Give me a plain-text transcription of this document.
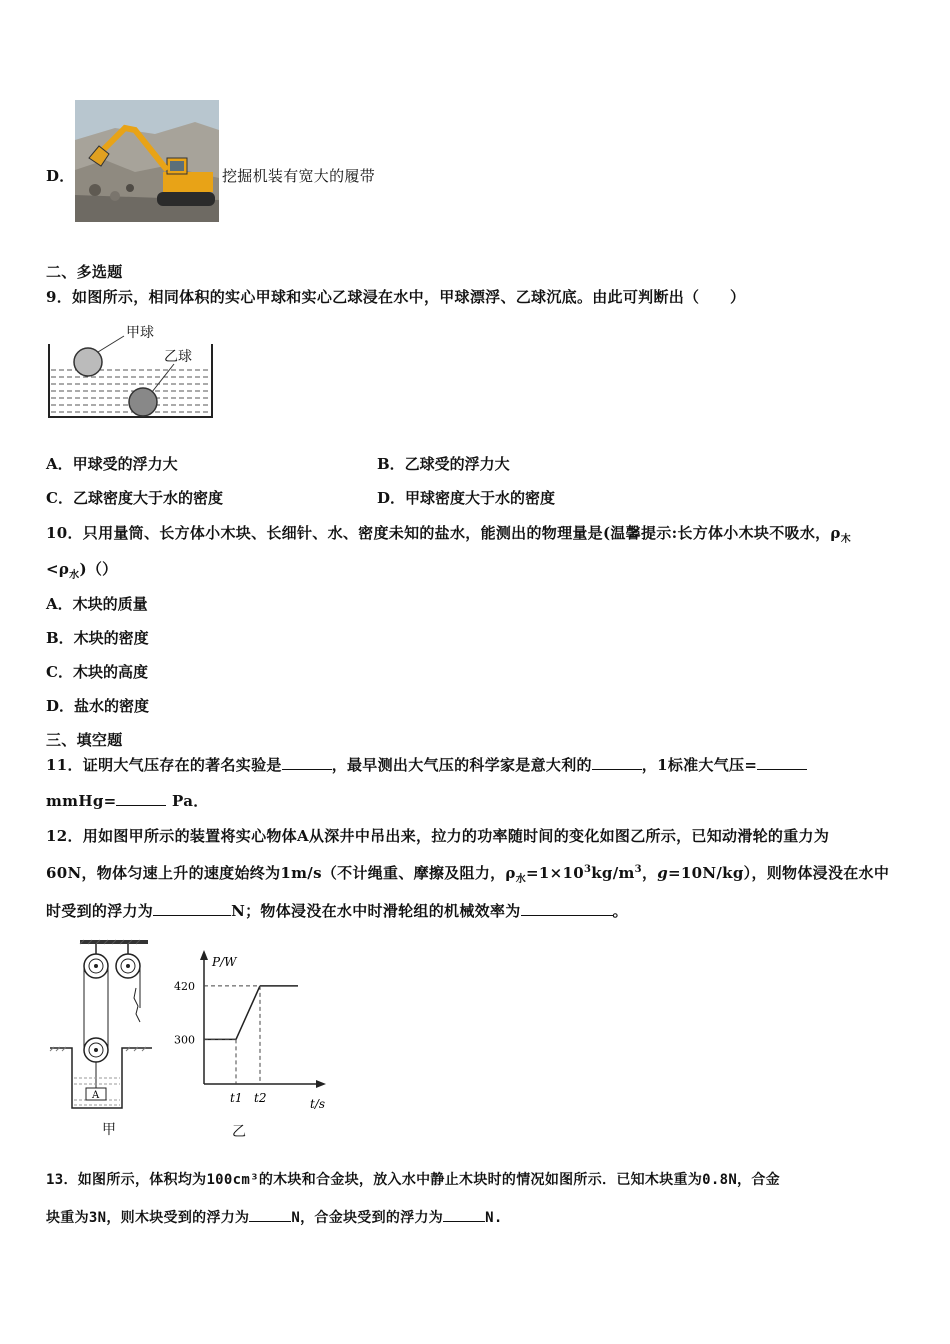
D．	挖掘机装有宽大的履带
二、多选题
9．如图所示，相同体积的实心甲球和实心乙球浸在水中，甲球漂浮、乙球沉底。由此可判断出（　　）
甲球
乙球
A．甲球受的浮力大	B．乙球受的浮力大
C．乙球密度大于水的密度	D．甲球密度大于水的密度
10．只用量筒、长方体小木块、长细针、水、密度未知的盐水，能测出的物理量是(温馨提示:长方体小木块不吸水，$\rho_木$
$<\rho_水)()$
A．木块的质量
B．木块的密度
C．木块的高度
D．盐水的密度
三、填空题
11．证明大气压存在的著名实验是	，最早测出大气压的科学家是意大利的	，1标准大气压=
mmHg=	Pa．
12．用如图甲所示的装置将实心物体A从深井中吊出来，拉力的功率随时间的变化如图乙所示，已知动滑轮的重力为
60N，物体匀速上升的速度始终为1m/s（不计绳重、摩擦及阻力，$\rho_水=1\times 10^3kg/m^3$，g=10N/kg），则物体浸没在水中
时受到的浮力为	N；物体浸没在水中时滑轮组的机械效率为	。
A
甲
P/W
t/s
420
300
t1 t2
乙
13．如图所示，体积均为100cm³的木块和合金块，放入水中静止木块时的情况如图所示．已知木块重为0.8N，合金
块重为3N，则木块受到的浮力为	N，合金块受到的浮力为	N.
